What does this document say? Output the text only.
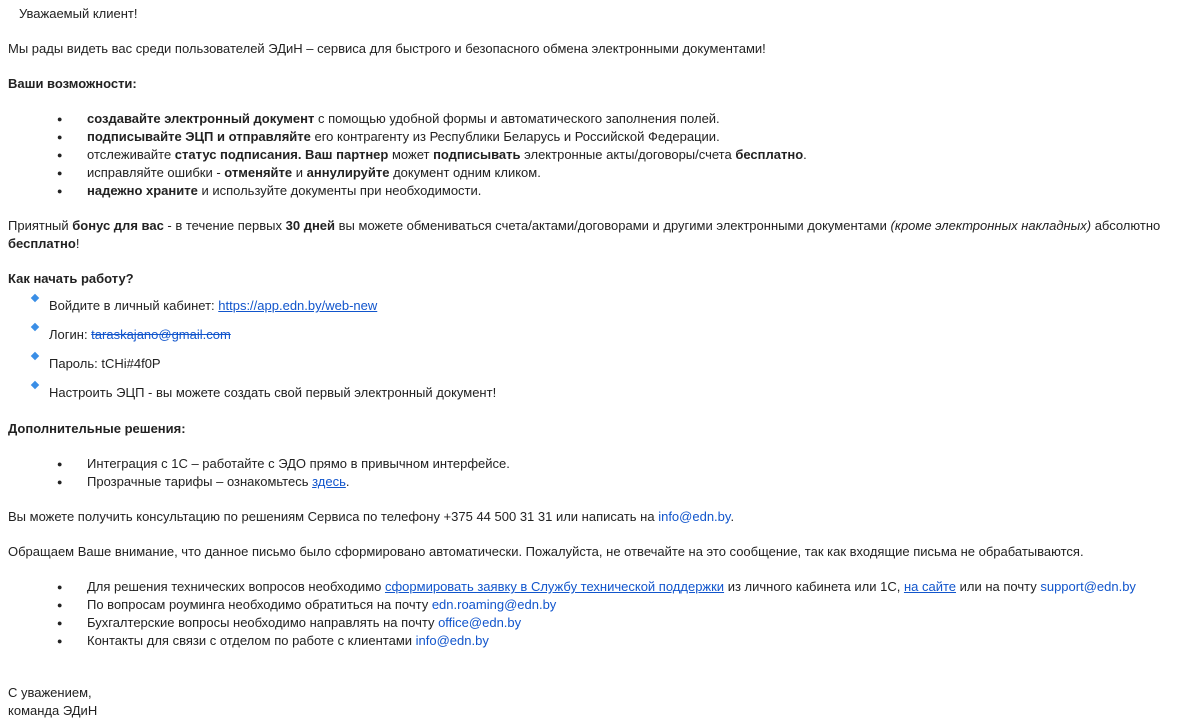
Уважаемый клиент!

Мы рады видеть вас среди пользователей ЭДиН – сервиса для быстрого и безопасного обмена электронными документами!

Ваши возможности:

● создавайте электронный документ с помощью удобной формы и автоматического заполнения полей.
● подписывайте ЭЦП и отправляйте его контрагенту из Республики Беларусь и Российской Федерации.
● отслеживайте статус подписания. Ваш партнер может подписывать электронные акты/договоры/счета бесплатно.
● исправляйте ошибки - отменяйте и аннулируйте документ одним кликом.
● надежно храните и используйте документы при необходимости.

Приятный бонус для вас - в течение первых 30 дней вы можете обмениваться счета/актами/договорами и другими электронными документами (кроме электронных накладных) абсолютно
бесплатно!

Как начать работу?

Войдите в личный кабинет: https://app.edn.by/web-new
Логин: taraskajano@gmail.com
Пароль: tCHi#4f0P
Настроить ЭЦП - вы можете создать свой первый электронный документ!

Дополнительные решения:

● Интеграция с 1С – работайте с ЭДО прямо в привычном интерфейсе.
● Прозрачные тарифы – ознакомьтесь здесь.

Вы можете получить консультацию по решениям Сервиса по телефону +375 44 500 31 31 или написать на info@edn.by.

Обращаем Ваше внимание, что данное письмо было сформировано автоматически. Пожалуйста, не отвечайте на это сообщение, так как входящие письма не обрабатываются.

● Для решения технических вопросов необходимо сформировать заявку в Службу технической поддержки из личного кабинета или 1С, на сайте или на почту support@edn.by
● По вопросам роуминга необходимо обратиться на почту edn.roaming@edn.by
● Бухгалтерские вопросы необходимо направлять на почту office@edn.by
● Контакты для связи с отделом по работе с клиентами info@edn.by

С уважением,

команда ЭДиН
